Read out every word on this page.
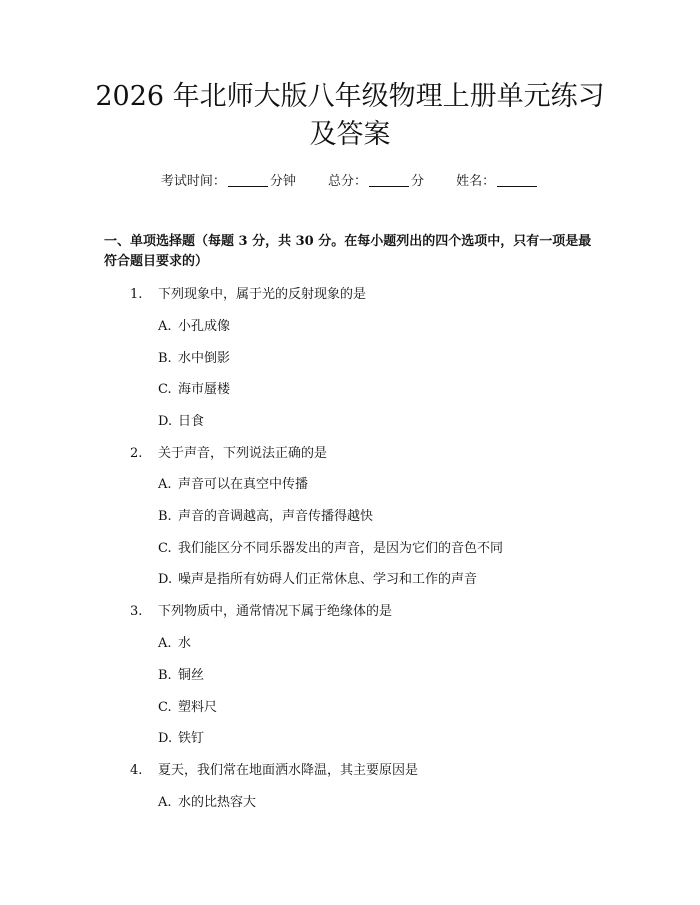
2026 年北师大版八年级物理上册单元练习及答案
考试时间：	分钟 总分：	分 姓名：

一、单项选择题（每题 3 分，共 30 分。在每小题列出的四个选项中，只有一项是最符合题目要求的）

1. 下列现象中，属于光的反射现象的是
A. 小孔成像
B. 水中倒影
C. 海市蜃楼
D. 日食
2. 关于声音，下列说法正确的是
A. 声音可以在真空中传播
B. 声音的音调越高，声音传播得越快
C. 我们能区分不同乐器发出的声音，是因为它们的音色不同
D. 噪声是指所有妨碍人们正常休息、学习和工作的声音
3. 下列物质中，通常情况下属于绝缘体的是
A. 水
B. 铜丝
C. 塑料尺
D. 铁钉
4. 夏天，我们常在地面洒水降温，其主要原因是
A. 水的比热容大
